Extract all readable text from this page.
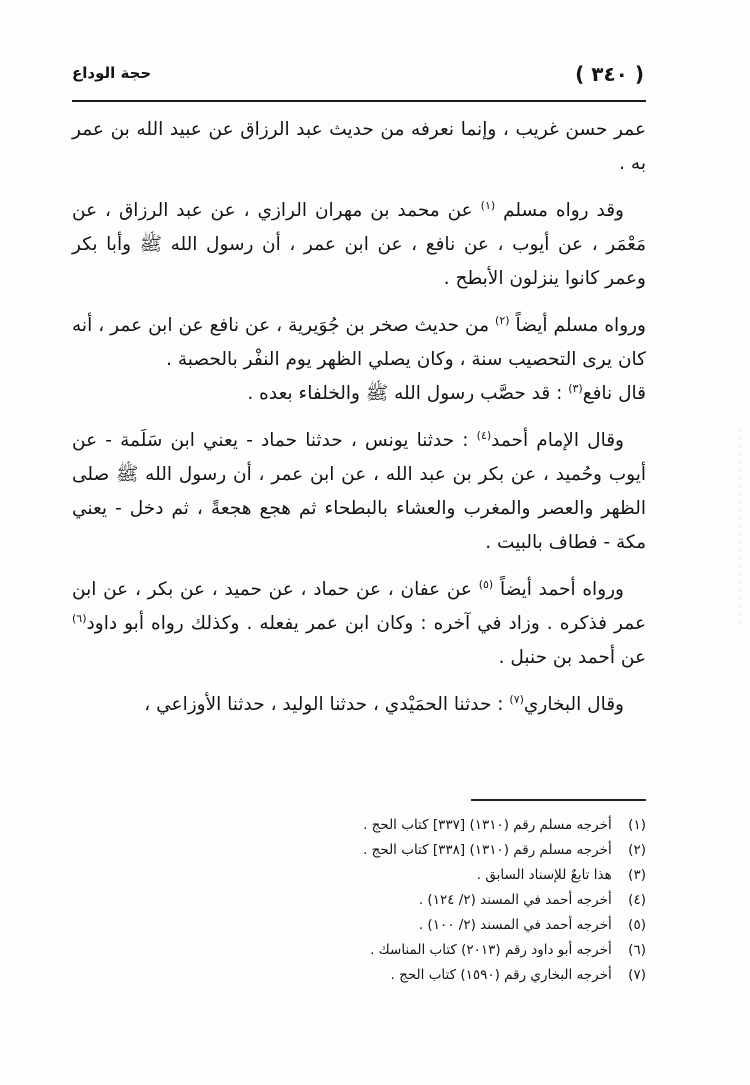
( ٣٤٠ )
حجة الوداع

عمر حسن غريب ، وإنما نعرفه من حديث عبد الرزاق عن عبيد الله بن عمر به .

وقد رواه مسلم $^{(١)}$ عن محمد بن مهران الرازي ، عن عبد الرزاق ، عن مَعْمَر ، عن أيوب ، عن نافع ، عن ابن عمر ، أن رسول الله ﷺ وأبا بكر وعمر كانوا ينزلون الأبطح .

ورواه مسلم أيضاً $^{(٢)}$ من حديث صخر بن جُوَيرية ، عن نافع عن ابن عمر ، أنه كان يرى التحصيب سنة ، وكان يصلي الظهر يوم النفْر بالحصبة .

قال نافع$^{(٣)}$ : قد حصَّب رسول الله ﷺ والخلفاء بعده .

وقال الإمام أحمد$^{(٤)}$ : حدثنا يونس ، حدثنا حماد - يعني ابن سَلَمة - عن أيوب وحُميد ، عن بكر بن عبد الله ، عن ابن عمر ، أن رسول الله ﷺ صلى الظهر والعصر والمغرب والعشاء بالبطحاء ثم هجع هجعةً ، ثم دخل - يعني مكة - فطاف بالبيت .

ورواه أحمد أيضاً $^{(٥)}$ عن عفان ، عن حماد ، عن حميد ، عن بكر ، عن ابن عمر فذكره . وزاد في آخره : وكان ابن عمر يفعله . وكذلك رواه أبو داود$^{(٦)}$ عن أحمد بن حنبل .

وقال البخاري$^{(٧)}$ : حدثنا الحمَيْدي ، حدثنا الوليد ، حدثنا الأوزاعي ،

(١) أخرجه مسلم رقم (١٣١٠) [٣٣٧] كتاب الحج .
(٢) أخرجه مسلم رقم (١٣١٠) [٣٣٨] كتاب الحج .
(٣) هذا تابعٌ للإسناد السابق .
(٤) أخرجه أحمد في المسند (٢/ ١٢٤) .
(٥) أخرجه أحمد في المسند (٢/ ١٠٠) .
(٦) أخرجه أبو داود رقم (٢٠١٣) كتاب المناسك .
(٧) أخرجه البخاري رقم (١٥٩٠) كتاب الحج .
